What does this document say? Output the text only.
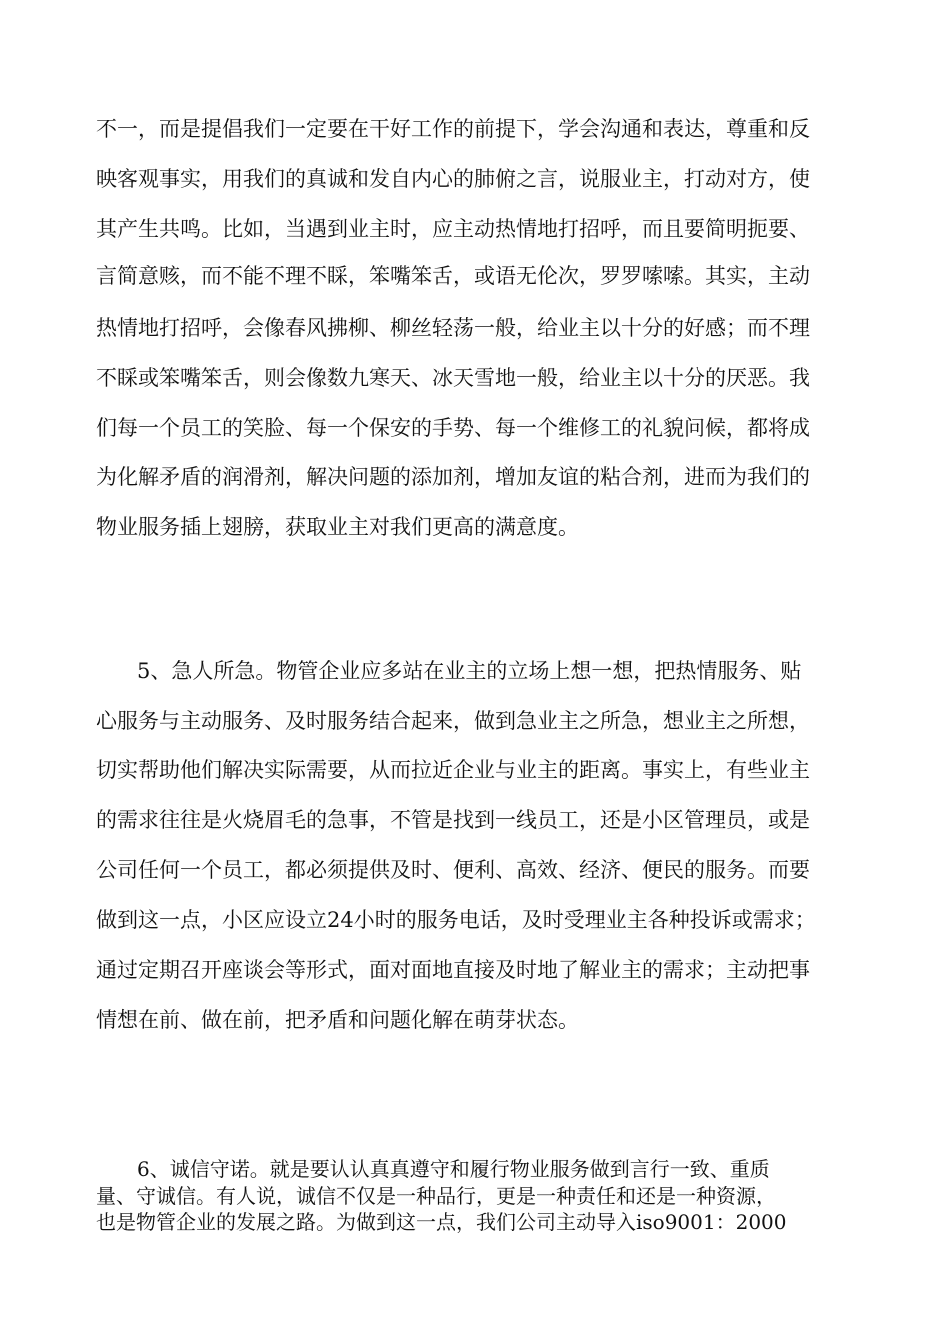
不一，而是提倡我们一定要在干好工作的前提下，学会沟通和表达，尊重和反
映客观事实，用我们的真诚和发自内心的肺俯之言，说服业主，打动对方，使
其产生共鸣。比如，当遇到业主时，应主动热情地打招呼，而且要简明扼要、
言简意赅，而不能不理不睬，笨嘴笨舌，或语无伦次，罗罗嗦嗦。其实，主动
热情地打招呼，会像春风拂柳、柳丝轻荡一般，给业主以十分的好感；而不理
不睬或笨嘴笨舌，则会像数九寒天、冰天雪地一般，给业主以十分的厌恶。我
们每一个员工的笑脸、每一个保安的手势、每一个维修工的礼貌问候，都将成
为化解矛盾的润滑剂，解决问题的添加剂，增加友谊的粘合剂，进而为我们的
物业服务插上翅膀，获取业主对我们更高的满意度。
5、急人所急。物管企业应多站在业主的立场上想一想，把热情服务、贴
心服务与主动服务、及时服务结合起来，做到急业主之所急，想业主之所想，
切实帮助他们解决实际需要，从而拉近企业与业主的距离。事实上，有些业主
的需求往往是火烧眉毛的急事，不管是找到一线员工，还是小区管理员，或是
公司任何一个员工，都必须提供及时、便利、高效、经济、便民的服务。而要
做到这一点，小区应设立24小时的服务电话，及时受理业主各种投诉或需求；
通过定期召开座谈会等形式，面对面地直接及时地了解业主的需求；主动把事
情想在前、做在前，把矛盾和问题化解在萌芽状态。
6、诚信守诺。就是要认认真真遵守和履行物业服务做到言行一致、重质
量、守诚信。有人说，诚信不仅是一种品行，更是一种责任和还是一种资源，
也是物管企业的发展之路。为做到这一点，我们公司主动导入iso9001：2000
